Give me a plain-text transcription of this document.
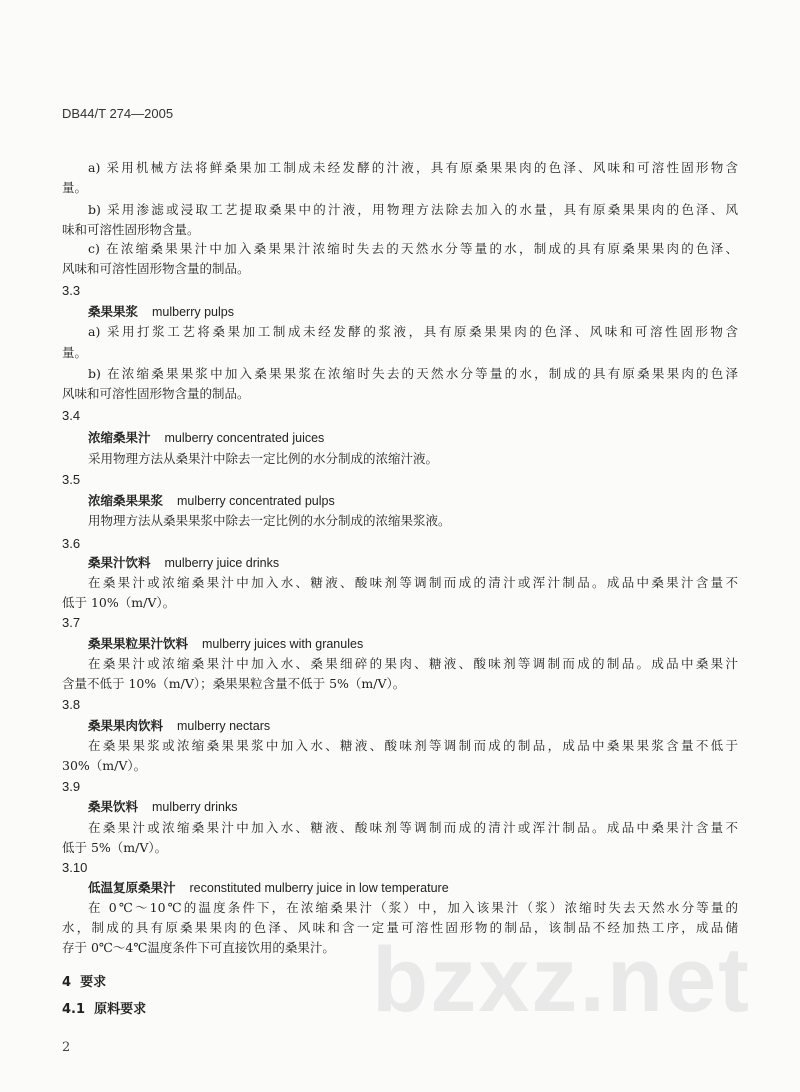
DB44/T 274—2005
a) 采用机械方法将鲜桑果加工制成未经发酵的汁液，具有原桑果果肉的色泽、风味和可溶性固形物含
量。
b) 采用渗滤或浸取工艺提取桑果中的汁液，用物理方法除去加入的水量，具有原桑果果肉的色泽、风
味和可溶性固形物含量。
c) 在浓缩桑果果汁中加入桑果果汁浓缩时失去的天然水分等量的水，制成的具有原桑果果肉的色泽、
风味和可溶性固形物含量的制品。
3.3
桑果果浆 mulberry pulps
a) 采用打浆工艺将桑果加工制成未经发酵的浆液，具有原桑果果肉的色泽、风味和可溶性固形物含
量。
b) 在浓缩桑果果浆中加入桑果果浆在浓缩时失去的天然水分等量的水，制成的具有原桑果果肉的色泽
风味和可溶性固形物含量的制品。
3.4
浓缩桑果汁 mulberry concentrated juices
采用物理方法从桑果汁中除去一定比例的水分制成的浓缩汁液。
3.5
浓缩桑果果浆 mulberry concentrated pulps
用物理方法从桑果果浆中除去一定比例的水分制成的浓缩果浆液。
3.6
桑果汁饮料 mulberry juice drinks
在桑果汁或浓缩桑果汁中加入水、糖液、酸味剂等调制而成的清汁或浑汁制品。成品中桑果汁含量不
低于 10%（m/V）。
3.7
桑果果粒果汁饮料 mulberry juices with granules
在桑果汁或浓缩桑果汁中加入水、桑果细碎的果肉、糖液、酸味剂等调制而成的制品。成品中桑果汁
含量不低于 10%（m/V）；桑果果粒含量不低于 5%（m/V）。
3.8
桑果果肉饮料 mulberry nectars
在桑果果浆或浓缩桑果果浆中加入水、糖液、酸味剂等调制而成的制品，成品中桑果果浆含量不低于
30%（m/V）。
3.9
桑果饮料 mulberry drinks
在桑果汁或浓缩桑果汁中加入水、糖液、酸味剂等调制而成的清汁或浑汁制品。成品中桑果汁含量不
低于 5%（m/V）。
3.10
低温复原桑果汁 reconstituted mulberry juice in low temperature
在 0℃～10℃的温度条件下，在浓缩桑果汁（浆）中，加入该果汁（浆）浓缩时失去天然水分等量的
水，制成的具有原桑果果肉的色泽、风味和含一定量可溶性固形物的制品，该制品不经加热工序，成品储
存于 0℃～4℃温度条件下可直接饮用的桑果汁。
4 要求	bzxz.net
4.1 原料要求
2
